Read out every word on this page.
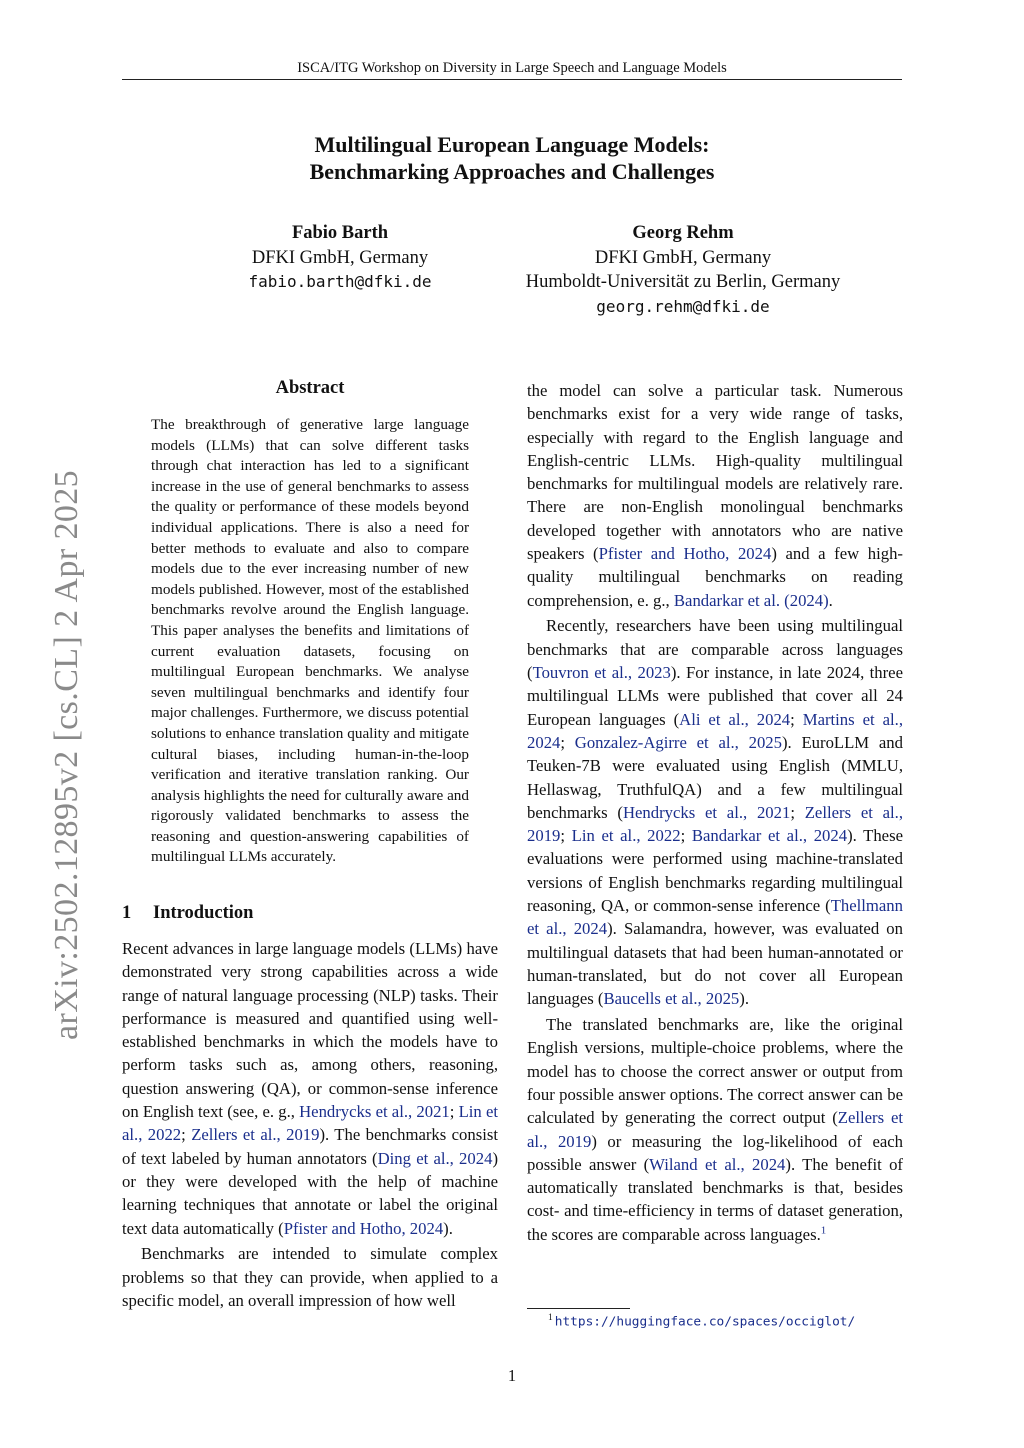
ISCA/ITG Workshop on Diversity in Large Speech and Language Models
Multilingual European Language Models:
Benchmarking Approaches and Challenges
Fabio Barth
DFKI GmbH, Germany
fabio.barth@dfki.de
Georg Rehm
DFKI GmbH, Germany
Humboldt-Universität zu Berlin, Germany
georg.rehm@dfki.de
arXiv:2502.12895v2 [cs.CL] 2 Apr 2025
Abstract
The breakthrough of generative large language models (LLMs) that can solve different tasks through chat interaction has led to a significant increase in the use of general benchmarks to assess the quality or performance of these models beyond individual applications. There is also a need for better methods to evaluate and also to compare models due to the ever increasing number of new models published. However, most of the established benchmarks revolve around the English language. This paper analyses the benefits and limitations of current evaluation datasets, focusing on multilingual European benchmarks. We analyse seven multilingual benchmarks and identify four major challenges. Furthermore, we discuss potential solutions to enhance translation quality and mitigate cultural biases, including human-in-the-loop verification and iterative translation ranking. Our analysis highlights the need for culturally aware and rigorously validated benchmarks to assess the reasoning and question-answering capabilities of multilingual LLMs accurately.
1 Introduction

Recent advances in large language models (LLMs) have demonstrated very strong capabilities across a wide range of natural language processing (NLP) tasks. Their performance is measured and quantified using well-established benchmarks in which the models have to perform tasks such as, among others, reasoning, question answering (QA), or common-sense inference on English text (see, e. g., Hendrycks et al., 2021; Lin et al., 2022; Zellers et al., 2019). The benchmarks consist of text labeled by human annotators (Ding et al., 2024) or they were developed with the help of machine learning techniques that annotate or label the original text data automatically (Pfister and Hotho, 2024).

Benchmarks are intended to simulate complex problems so that they can provide, when applied to a specific model, an overall impression of how well

the model can solve a particular task. Numerous benchmarks exist for a very wide range of tasks, especially with regard to the English language and English-centric LLMs. High-quality multilingual benchmarks for multilingual models are relatively rare. There are non-English monolingual benchmarks developed together with annotators who are native speakers (Pfister and Hotho, 2024) and a few high-quality multilingual benchmarks on reading comprehension, e. g., Bandarkar et al. (2024).

Recently, researchers have been using multilingual benchmarks that are comparable across languages (Touvron et al., 2023). For instance, in late 2024, three multilingual LLMs were published that cover all 24 European languages (Ali et al., 2024; Martins et al., 2024; Gonzalez-Agirre et al., 2025). EuroLLM and Teuken-7B were evaluated using English (MMLU, Hellaswag, TruthfulQA) and a few multilingual benchmarks (Hendrycks et al., 2021; Zellers et al., 2019; Lin et al., 2022; Bandarkar et al., 2024). These evaluations were performed using machine-translated versions of English benchmarks regarding multilingual reasoning, QA, or common-sense inference (Thellmann et al., 2024). Salamandra, however, was evaluated on multilingual datasets that had been human-annotated or human-translated, but do not cover all European languages (Baucells et al., 2025).

The translated benchmarks are, like the original English versions, multiple-choice problems, where the model has to choose the correct answer or output from four possible answer options. The correct answer can be calculated by generating the correct output (Zellers et al., 2019) or measuring the log-likelihood of each possible answer (Wiland et al., 2024). The benefit of automatically translated benchmarks is that, besides cost- and time-efficiency in terms of dataset generation, the scores are comparable across languages.$^1$

$^1$ https://huggingface.co/spaces/occiglot/
1
